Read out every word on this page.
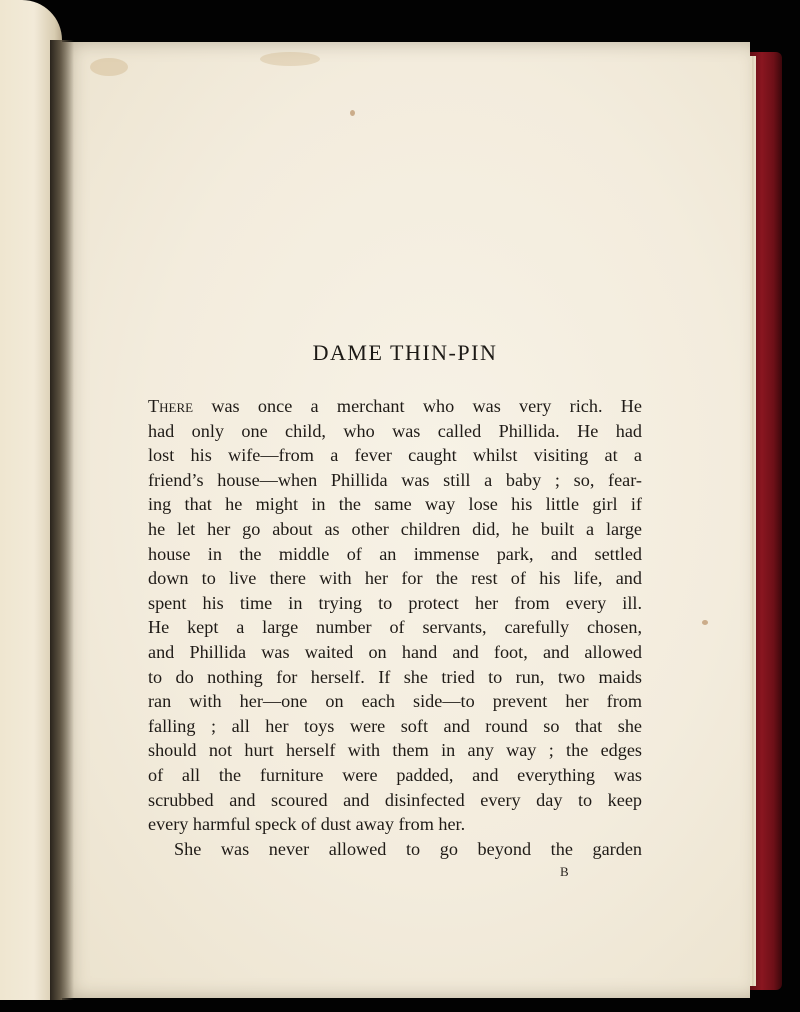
DAME THIN-PIN
There was once a merchant who was very rich. He
had only one child, who was called Phillida. He had
lost his wife—from a fever caught whilst visiting at a
friend’s house—when Phillida was still a baby ; so, fear-
ing that he might in the same way lose his little girl if
he let her go about as other children did, he built a large
house in the middle of an immense park, and settled
down to live there with her for the rest of his life, and
spent his time in trying to protect her from every ill.
He kept a large number of servants, carefully chosen,
and Phillida was waited on hand and foot, and allowed
to do nothing for herself. If she tried to run, two maids
ran with her—one on each side—to prevent her from
falling ; all her toys were soft and round so that she
should not hurt herself with them in any way ; the edges
of all the furniture were padded, and everything was
scrubbed and scoured and disinfected every day to keep
every harmful speck of dust away from her.
She was never allowed to go beyond the garden
B
